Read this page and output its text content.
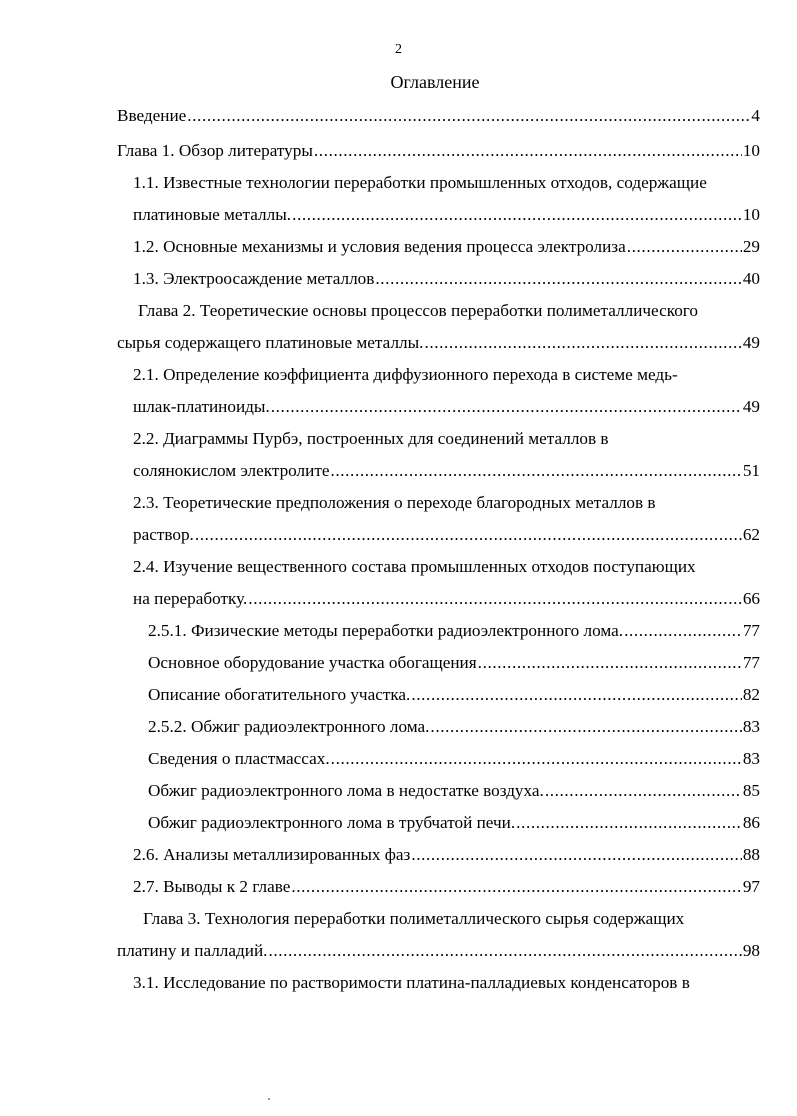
2
Оглавление
Введение .....	4
Глава 1. Обзор литературы .....	10
1.1. Известные технологии переработки промышленных отходов, содержащие
платиновые металлы. .....	10
1.2. Основные механизмы и условия ведения процесса электролиза .....	29
1.3. Электроосаждение металлов .....	40
Глава 2. Теоретические основы процессов переработки полиметаллического
сырья содержащего платиновые металлы. .....	49
2.1. Определение коэффициента диффузионного перехода в системе медь-
шлак-платиноиды. .....	49
2.2. Диаграммы Пурбэ, построенных для соединений металлов в
солянокислом электролите .....	51
2.3. Теоретические предположения о переходе благородных металлов в
раствор. .....	62
2.4. Изучение вещественного состава промышленных отходов поступающих
на переработку. .....	66
2.5.1. Физические методы переработки радиоэлектронного лома. .....	77
Основное оборудование участка обогащения .....	77
Описание обогатительного участка. .....	82
2.5.2. Обжиг радиоэлектронного лома. .....	83
Сведения о пластмассах. .....	83
Обжиг радиоэлектронного лома в недостатке воздуха. .....	85
Обжиг радиоэлектронного лома в трубчатой печи. .....	86
2.6. Анализы металлизированных фаз .....	88
2.7. Выводы к 2 главе .....	97
Глава 3. Технология переработки полиметаллического сырья содержащих
платину и палладий. .....	98
3.1. Исследование по растворимости платина-палладиевых конденсаторов в
